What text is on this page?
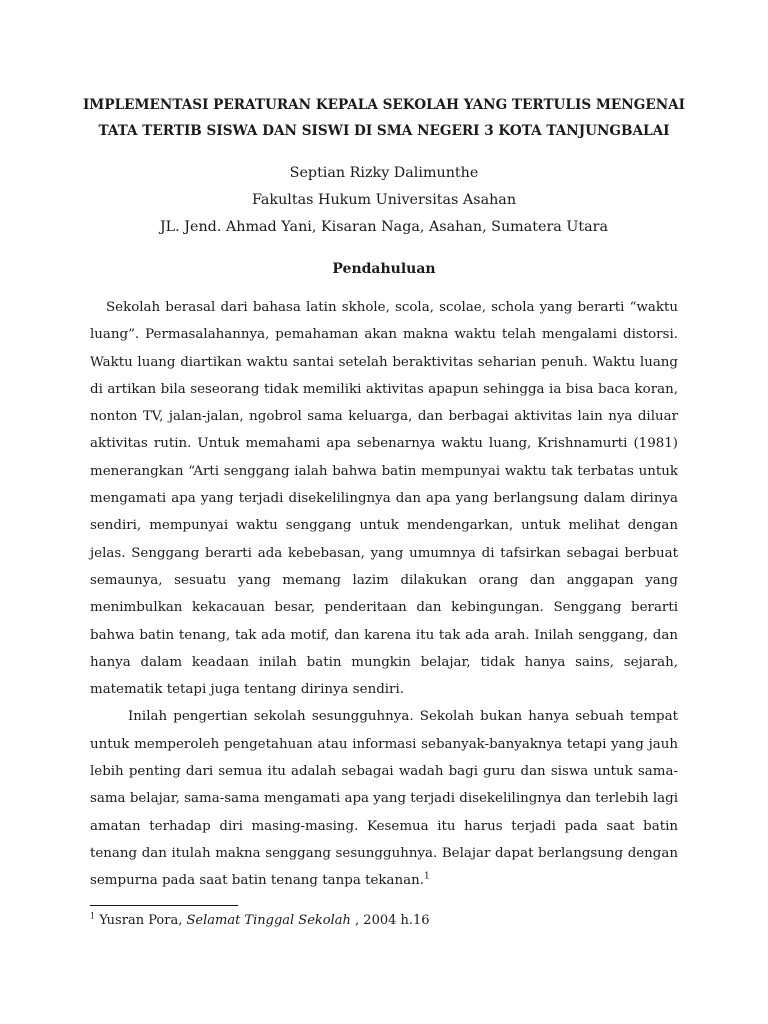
IMPLEMENTASI PERATURAN KEPALA SEKOLAH YANG TERTULIS MENGENAI
TATA TERTIB SISWA DAN SISWI DI SMA NEGERI 3 KOTA TANJUNGBALAI
Septian Rizky Dalimunthe
Fakultas Hukum Universitas Asahan
JL. Jend. Ahmad Yani, Kisaran Naga, Asahan, Sumatera Utara
Pendahuluan

Sekolah berasal dari bahasa latin skhole, scola, scolae, schola yang berarti “waktu luang”. Permasalahannya, pemahaman akan makna waktu telah mengalami distorsi. Waktu luang diartikan waktu santai setelah beraktivitas seharian penuh. Waktu luang di artikan bila seseorang tidak memiliki aktivitas apapun sehingga ia bisa baca koran, nonton TV, jalan-jalan, ngobrol sama keluarga, dan berbagai aktivitas lain nya diluar aktivitas rutin. Untuk memahami apa sebenarnya waktu luang, Krishnamurti (1981) menerangkan “Arti senggang ialah bahwa batin mempunyai waktu tak terbatas untuk mengamati apa yang terjadi disekelilingnya dan apa yang berlangsung dalam dirinya sendiri, mempunyai waktu senggang untuk mendengarkan, untuk melihat dengan jelas. Senggang berarti ada kebebasan, yang umumnya di tafsirkan sebagai berbuat semaunya, sesuatu yang memang lazim dilakukan orang dan anggapan yang menimbulkan kekacauan besar, penderitaan dan kebingungan. Senggang berarti bahwa batin tenang, tak ada motif, dan karena itu tak ada arah. Inilah senggang, dan hanya dalam keadaan inilah batin mungkin belajar, tidak hanya sains, sejarah, matematik tetapi juga tentang dirinya sendiri.

Inilah pengertian sekolah sesungguhnya. Sekolah bukan hanya sebuah tempat untuk memperoleh pengetahuan atau informasi sebanyak-banyaknya tetapi yang jauh lebih penting dari semua itu adalah sebagai wadah bagi guru dan siswa untuk sama-sama belajar, sama-sama mengamati apa yang terjadi disekelilingnya dan terlebih lagi amatan terhadap diri masing-masing. Kesemua itu harus terjadi pada saat batin tenang dan itulah makna senggang sesungguhnya. Belajar dapat berlangsung dengan sempurna pada saat batin tenang tanpa tekanan.$^1$

$^1$ Yusran Pora, Selamat Tinggal Sekolah , 2004 h.16
